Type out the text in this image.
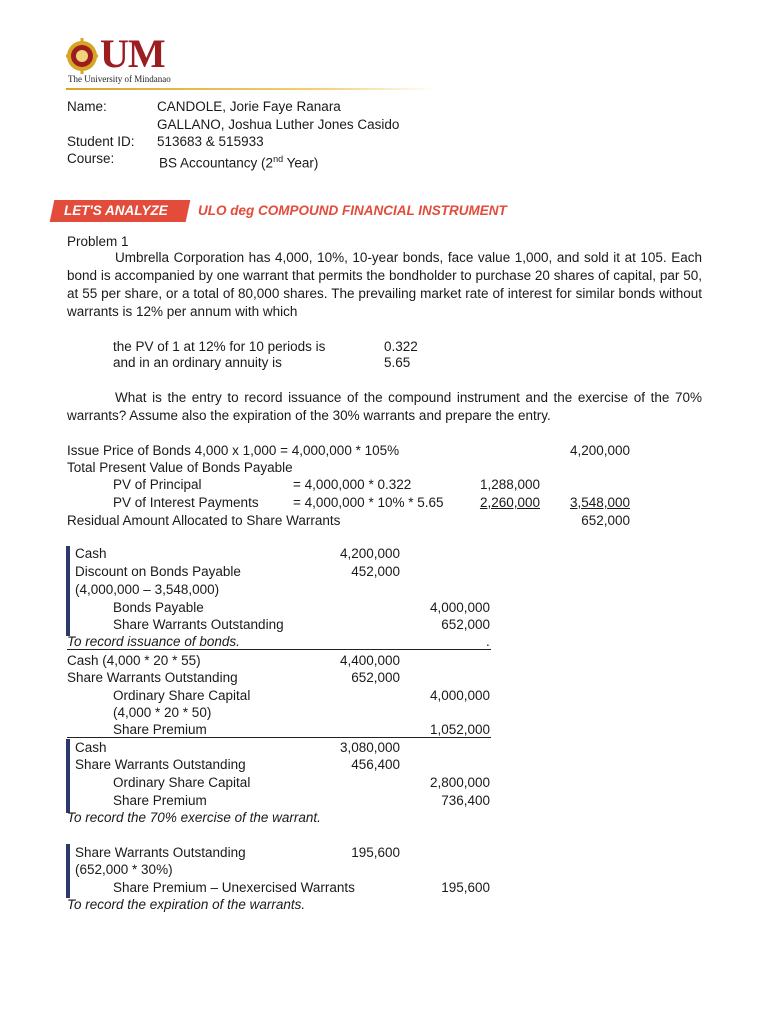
UM
The University of Mindanao
Name:	CANDOLE, Jorie Faye Ranara
GALLANO, Joshua Luther Jones Casido
Student ID: 513683 & 515933
Course:	BS Accountancy (2nd Year)
LET'S ANALYZE ULO deg COMPOUND FINANCIAL INSTRUMENT
Problem 1
Umbrella Corporation has 4,000, 10%, 10-year bonds, face value 1,000, and sold it at 105. Each bond is accompanied by one warrant that permits the bondholder to purchase 20 shares of capital, par 50, at 55 per share, or a total of 80,000 shares. The prevailing market rate of interest for similar bonds without warrants is 12% per annum with which
the PV of 1 at 12% for 10 periods is	0.322
and in an ordinary annuity is	5.65
What is the entry to record issuance of the compound instrument and the exercise of the 70% warrants? Assume also the expiration of the 30% warrants and prepare the entry.
Issue Price of Bonds 4,000 x 1,000 = 4,000,000 * 105%	4,200,000
Total Present Value of Bonds Payable
PV of Principal	= 4,000,000 * 0.322	1,288,000
PV of Interest Payments	= 4,000,000 * 10% * 5.65	2,260,000	3,548,000
Residual Amount Allocated to Share Warrants	652,000
Cash	4,200,000
Discount on Bonds Payable	452,000
(4,000,000 – 3,548,000)
Bonds Payable	4,000,000
Share Warrants Outstanding	652,000
To record issuance of bonds.	.
Cash (4,000 * 20 * 55)	4,400,000
Share Warrants Outstanding	652,000
Ordinary Share Capital	4,000,000
(4,000 * 20 * 50)
Share Premium	1,052,000
Cash	3,080,000
Share Warrants Outstanding	456,400
Ordinary Share Capital	2,800,000
Share Premium	736,400
To record the 70% exercise of the warrant.
Share Warrants Outstanding	195,600
(652,000 * 30%)
Share Premium – Unexercised Warrants	195,600
To record the expiration of the warrants.
